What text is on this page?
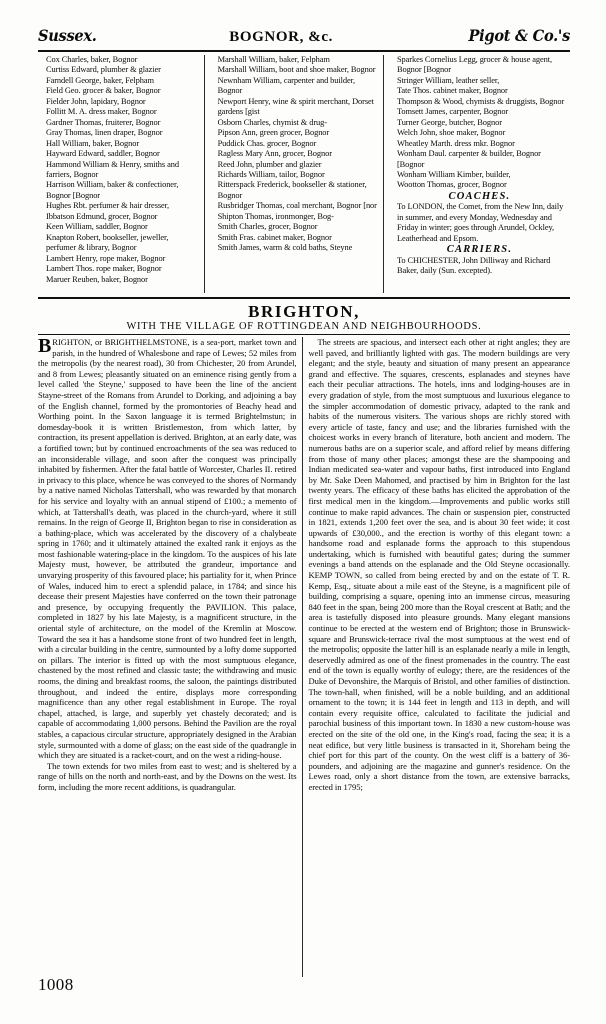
Sussex.	BOGNOR, &c.	Pigot & Co.'s

Cox Charles, baker, Bognor

Curtiss Edward, plumber & glazier

Farndell George, baker, Felpham

Field Geo. grocer & baker, Bognor

Fielder John, lapidary, Bognor

Follitt M. A. dress maker, Bognor

Gardner Thomas, fruiterer, Bognor

Gray Thomas, linen draper, Bognor

Hall William, baker, Bognor

Hayward Edward, saddler, Bognor

Hammond William & Henry, smiths and farriers, Bognor

Harrison William, baker & confectioner, Bognor [Bognor

Hughes Rbt. perfumer & hair dresser,

Ibbatson Edmund, grocer, Bognor

Keen William, saddler, Bognor

Knapton Robert, bookseller, jeweller, perfumer & library, Bognor

Lambert Henry, rope maker, Bognor

Lambert Thos. rope maker, Bognor

Maruer Reuben, baker, Bognor

Marshall William, baker, Felpham

Marshall William, boot and shoe maker, Bognor

Newnham William, carpenter and builder, Bognor

Newport Henry, wine & spirit merchant, Dorset gardens [gist

Osborn Charles, chymist & drug-

Pipson Ann, green grocer, Bognor

Puddick Chas. grocer, Bognor

Ragless Mary Ann, grocer, Bognor

Reed John, plumber and glazier

Richards William, tailor, Bognor

Ritterspack Frederick, bookseller & stationer, Bognor

Rusbridger Thomas, coal merchant, Bognor [nor

Shipton Thomas, ironmonger, Bog-

Smith Charles, grocer, Bognor

Smith Fras. cabinet maker, Bognor

Smith James, warm & cold baths, Steyne

Sparkes Cornelius Legg, grocer & house agent, Bognor [Bognor

Stringer William, leather seller,

Tate Thos. cabinet maker, Bognor

Thompson & Wood, chymists & druggists, Bognor

Tomsett James, carpenter, Bognor

Turner George, butcher, Bognor

Welch John, shoe maker, Bognor

Wheatley Marth. dress mkr. Bognor

Wonham Daul. carpenter & builder, Bognor [Bognor

Wonham William Kimber, builder,

Wootton Thomas, grocer, Bognor

COACHES.

To LONDON, the Comet, from the New Inn, daily in summer, and every Monday, Wednesday and Friday in winter; goes through Arundel, Ockley, Leatherhead and Epsom.

CARRIERS.

To CHICHESTER, John Dilliway and Richard Baker, daily (Sun. excepted).

BRIGHTON,
WITH THE VILLAGE OF ROTTINGDEAN AND NEIGHBOURHOODS.

BRIGHTON, or BRIGHTHELMSTONE, is a sea-port, market town and parish, in the hundred of Whalesbone and rape of Lewes; 52 miles from the metropolis (by the nearest road), 30 from Chichester, 20 from Arundel, and 8 from Lewes; pleasantly situated on an eminence rising gently from a level called 'the Steyne,' supposed to have been the line of the ancient Stayne-street of the Romans from Arundel to Dorking, and adjoining a bay of the English channel, formed by the promontories of Beachy head and Worthing point. In the Saxon language it is termed Brightelmstun; in domesday-book it is written Bristlemeston, from which latter, by contraction, its present appellation is derived. Brighton, at an early date, was a fortified town; but by continued encroachments of the sea was reduced to an inconsiderable village, and soon after the conquest was principally inhabited by fishermen. After the fatal battle of Worcester, Charles II. retired in privacy to this place, whence he was conveyed to the shores of Normandy by a native named Nicholas Tattershall, who was rewarded by that monarch for his service and loyalty with an annual stipend of £100.; a memento of which, at Tattershall's death, was placed in the church-yard, where it still remains. In the reign of George II, Brighton began to rise in consideration as a bathing-place, which was accelerated by the discovery of a chalybeate spring in 1760; and it ultimately attained the exalted rank it enjoys as the most fashionable watering-place in the kingdom. To the auspices of his late Majesty must, however, be attributed the grandeur, importance and unvarying prosperity of this favoured place; his partiality for it, when Prince of Wales, induced him to erect a splendid palace, in 1784; and since his decease their present Majesties have conferred on the town their patronage and presence, by occupying frequently the PAVILION. This palace, completed in 1827 by his late Majesty, is a magnificent structure, in the oriental style of architecture, on the model of the Kremlin at Moscow. Toward the sea it has a handsome stone front of two hundred feet in length, with a circular building in the centre, surmounted by a lofty dome supported on pillars. The interior is fitted up with the most sumptuous elegance, chastened by the most refined and classic taste; the withdrawing and music rooms, the dining and breakfast rooms, the saloon, the paintings distributed throughout, and indeed the entire, displays more corresponding magnificence than any other regal establishment in Europe. The royal chapel, attached, is large, and superbly yet chastely decorated; and is capable of accommodating 1,000 persons. Behind the Pavilion are the royal stables, a capacious circular structure, appropriately designed in the Arabian style, surmounted with a dome of glass; on the east side of the quadrangle in which they are situated is a racket-court, and on the west a riding-house.

The town extends for two miles from east to west; and is sheltered by a range of hills on the north and north-east, and by the Downs on the west. Its form, including the more recent additions, is quadrangular.

The streets are spacious, and intersect each other at right angles; they are well paved, and brilliantly lighted with gas. The modern buildings are very elegant; and the style, beauty and situation of many present an appearance grand and effective. The squares, crescents, esplanades and steynes have each their peculiar attractions. The hotels, inns and lodging-houses are in every gradation of style, from the most sumptuous and luxurious elegance to the simpler accommodation of domestic privacy, adapted to the rank and habits of the numerous visiters. The various shops are richly stored with every article of taste, fancy and use; and the libraries furnished with the choicest works in every branch of literature, both ancient and modern. The numerous baths are on a superior scale, and afford relief by means differing from those of many other places; amongst these are the shampooing and Indian medicated sea-water and vapour baths, first introduced into England by Mr. Sake Deen Mahomed, and practised by him in Brighton for the last twenty years. The efficacy of these baths has elicited the approbation of the first medical men in the kingdom.—Improvements and public works still continue to make rapid advances. The chain or suspension pier, constructed in 1821, extends 1,200 feet over the sea, and is about 30 feet wide; it cost upwards of £30,000., and the erection is worthy of this elegant town: a handsome road and esplanade forms the approach to this stupendous undertaking, which is furnished with beautiful gates; during the summer evenings a band attends on the esplanade and the Old Steyne occasionally. KEMP TOWN, so called from being erected by and on the estate of T. R. Kemp, Esq., situate about a mile east of the Steyne, is a magnificent pile of building, comprising a square, opening into an immense circus, measuring 840 feet in the span, being 200 more than the Royal crescent at Bath; and the area is tastefully disposed into pleasure grounds. Many elegant mansions continue to be erected at the western end of Brighton; those in Brunswick-square and Brunswick-terrace rival the most sumptuous at the west end of the metropolis; opposite the latter hill is an esplanade nearly a mile in length, deservedly admired as one of the finest promenades in the country. The east end of the town is equally worthy of eulogy; there, are the residences of the Duke of Devonshire, the Marquis of Bristol, and other families of distinction. The town-hall, when finished, will be a noble building, and an additional ornament to the town; it is 144 feet in length and 113 in depth, and will contain every requisite office, calculated to facilitate the judicial and parochial business of this important town. In 1830 a new custom-house was erected on the site of the old one, in the King's road, facing the sea; it is a neat edifice, but very little business is transacted in it, Shoreham being the chief port for this part of the county. On the west cliff is a battery of 36-pounders, and adjoining are the magazine and gunner's residence. On the Lewes road, only a short distance from the town, are extensive barracks, erected in 1795;

1008
